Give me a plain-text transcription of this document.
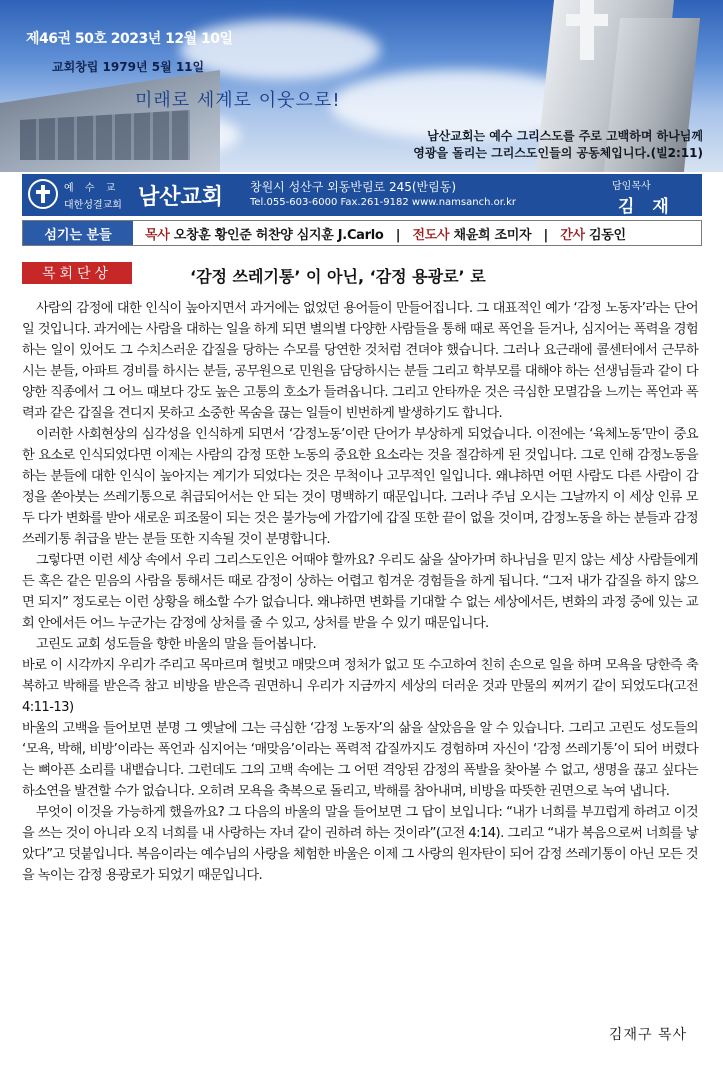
제46권 50호 2023년 12월 10일
교회창립 1979년 5월 11일
미래로 세계로 이웃으로!
남산교회는 예수 그리스도를 주로 고백하며 하나님께
영광을 돌리는 그리스도인들의 공동체입니다.(빌2:11)
예 수 교
대한성결교회 남산교회 창원시 성산구 외동반림로 245(반림동)
Tel.055-603-6000 Fax.261-9182 www.namsanch.or.kr
담임목사
김 재 구
섬기는 분들	목사 오창훈 황인준 허찬양 심지훈 J.Carlo | 전도사 채윤희 조미자 | 간사 김동인
목회단상	‘감정 쓰레기통’ 이 아닌, ‘감정 용광로’ 로

사람의 감정에 대한 인식이 높아지면서 과거에는 없었던 용어들이 만들어집니다. 그 대표적인 예가 ‘감정 노동자’라는 단어일 것입니다. 과거에는 사람을 대하는 일을 하게 되면 별의별 다양한 사람들을 통해 때로 폭언을 듣거나, 심지어는 폭력을 경험하는 일이 있어도 그 수치스러운 갑질을 당하는 수모를 당연한 것처럼 견뎌야 했습니다. 그러나 요근래에 콜센터에서 근무하시는 분들, 아파트 경비를 하시는 분들, 공무원으로 민원을 담당하시는 분들 그리고 학부모를 대해야 하는 선생님들과 같이 다양한 직종에서 그 어느 때보다 강도 높은 고통의 호소가 들려옵니다. 그리고 안타까운 것은 극심한 모멸감을 느끼는 폭언과 폭력과 같은 갑질을 견디지 못하고 소중한 목숨을 끊는 일들이 빈번하게 발생하기도 합니다.

이러한 사회현상의 심각성을 인식하게 되면서 ‘감정노동’이란 단어가 부상하게 되었습니다. 이전에는 ‘육체노동’만이 중요한 요소로 인식되었다면 이제는 사람의 감정 또한 노동의 중요한 요소라는 것을 절감하게 된 것입니다. 그로 인해 감정노동을 하는 분들에 대한 인식이 높아지는 계기가 되었다는 것은 무척이나 고무적인 일입니다. 왜냐하면 어떤 사람도 다른 사람이 감정을 쏟아붓는 쓰레기통으로 취급되어서는 안 되는 것이 명백하기 때문입니다. 그러나 주님 오시는 그날까지 이 세상 인류 모두 다가 변화를 받아 새로운 피조물이 되는 것은 불가능에 가깝기에 갑질 또한 끝이 없을 것이며, 감정노동을 하는 분들과 감정 쓰레기통 취급을 받는 분들 또한 지속될 것이 분명합니다.

그렇다면 이런 세상 속에서 우리 그리스도인은 어때야 할까요? 우리도 삶을 살아가며 하나님을 믿지 않는 세상 사람들에게든 혹은 같은 믿음의 사람을 통해서든 때로 감정이 상하는 어렵고 힘겨운 경험들을 하게 됩니다. “그저 내가 갑질을 하지 않으면 되지” 정도로는 이런 상황을 해소할 수가 없습니다. 왜냐하면 변화를 기대할 수 없는 세상에서든, 변화의 과정 중에 있는 교회 안에서든 어느 누군가는 감정에 상처를 줄 수 있고, 상처를 받을 수 있기 때문입니다.

고린도 교회 성도들을 향한 바울의 말을 들어봅니다.

바로 이 시각까지 우리가 주리고 목마르며 헐벗고 매맞으며 정처가 없고 또 수고하여 친히 손으로 일을 하며 모욕을 당한즉 축복하고 박해를 받은즉 참고 비방을 받은즉 권면하니 우리가 지금까지 세상의 더러운 것과 만물의 찌꺼기 같이 되었도다(고전 4:11-13)

바울의 고백을 들어보면 분명 그 옛날에 그는 극심한 ‘감정 노동자’의 삶을 살았음을 알 수 있습니다. 그리고 고린도 성도들의 ‘모욕, 박해, 비방’이라는 폭언과 심지어는 ‘매맞음’이라는 폭력적 갑질까지도 경험하며 자신이 ‘감정 쓰레기통’이 되어 버렸다는 뼈아픈 소리를 내뱉습니다. 그런데도 그의 고백 속에는 그 어떤 격앙된 감정의 폭발을 찾아볼 수 없고, 생명을 끊고 싶다는 하소연을 발견할 수가 없습니다. 오히려 모욕을 축복으로 돌리고, 박해를 참아내며, 비방을 따뜻한 권면으로 녹여 냅니다.

무엇이 이것을 가능하게 했을까요? 그 다음의 바울의 말을 들어보면 그 답이 보입니다: “내가 너희를 부끄럽게 하려고 이것을 쓰는 것이 아니라 오직 너희를 내 사랑하는 자녀 같이 권하려 하는 것이라”(고전 4:14). 그리고 “내가 복음으로써 너희를 낳았다”고 덧붙입니다. 복음이라는 예수님의 사랑을 체험한 바울은 이제 그 사랑의 원자탄이 되어 감정 쓰레기통이 아닌 모든 것을 녹이는 감정 용광로가 되었기 때문입니다.

김재구 목사
